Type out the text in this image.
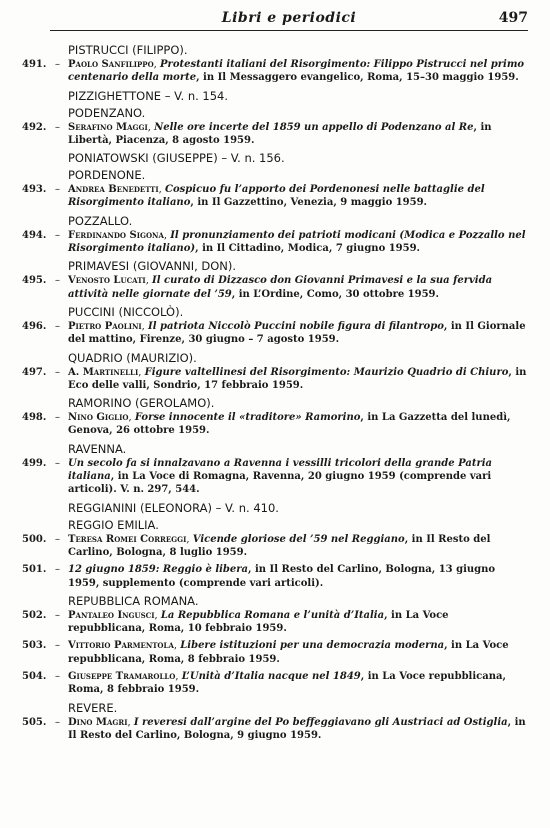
Libri e periodici	497
PISTRUCCI (FILIPPO).
491. – Paolo Sanfilippo, Protestanti italiani del Risorgimento: Filippo Pistrucci nel primo centenario della morte, in Il Messaggero evangelico, Roma, 15–30 maggio 1959.
PIZZIGHETTONE – V. n. 154.
PODENZANO.
492. – Serafino Maggi, Nelle ore incerte del 1859 un appello di Podenzano al Re, in Libertà, Piacenza, 8 agosto 1959.
PONIATOWSKI (GIUSEPPE) – V. n. 156.
PORDENONE.
493. – Andrea Benedetti, Cospicuo fu l’apporto dei Pordenonesi nelle battaglie del Risorgimento italiano, in Il Gazzettino, Venezia, 9 maggio 1959.
POZZALLO.
494. – Ferdinando Sigona, Il pronunziamento dei patrioti modicani (Modica e Pozzallo nel Risorgimento italiano), in Il Cittadino, Modica, 7 giugno 1959.
PRIMAVESI (GIOVANNI, DON).
495. – Venosto Lucati, Il curato di Dizzasco don Giovanni Primavesi e la sua fervida attività nelle giornate del ’59, in L’Ordine, Como, 30 ottobre 1959.
PUCCINI (NICCOLÒ).
496. – Pietro Paolini, Il patriota Niccolò Puccini nobile figura di filantropo, in Il Giornale del mattino, Firenze, 30 giugno – 7 agosto 1959.
QUADRIO (MAURIZIO).
497. – A. Martinelli, Figure valtellinesi del Risorgimento: Maurizio Quadrio di Chiuro, in Eco delle valli, Sondrio, 17 febbraio 1959.
RAMORINO (GEROLAMO).
498. – Nino Giglio, Forse innocente il «traditore» Ramorino, in La Gazzetta del lunedì, Genova, 26 ottobre 1959.
RAVENNA.
499. – Un secolo fa si innalzavano a Ravenna i vessilli tricolori della grande Patria italiana, in La Voce di Romagna, Ravenna, 20 giugno 1959 (comprende vari articoli). V. n. 297, 544.
REGGIANINI (ELEONORA) – V. n. 410.
REGGIO EMILIA.
500. – Teresa Romei Correggi, Vicende gloriose del ’59 nel Reggiano, in Il Resto del Carlino, Bologna, 8 luglio 1959.
501. – 12 giugno 1859: Reggio è libera, in Il Resto del Carlino, Bologna, 13 giugno 1959, supplemento (comprende vari articoli).
REPUBBLICA ROMANA.
502. – Pantaleo Ingusci, La Repubblica Romana e l’unità d’Italia, in La Voce repubblicana, Roma, 10 febbraio 1959.
503. – Vittorio Parmentola, Libere istituzioni per una democrazia moderna, in La Voce repubblicana, Roma, 8 febbraio 1959.
504. – Giuseppe Tramarollo, L’Unità d’Italia nacque nel 1849, in La Voce repubblicana, Roma, 8 febbraio 1959.
REVERE.
505. – Dino Magri, I reveresi dall’argine del Po beffeggiavano gli Austriaci ad Ostiglia, in Il Resto del Carlino, Bologna, 9 giugno 1959.
